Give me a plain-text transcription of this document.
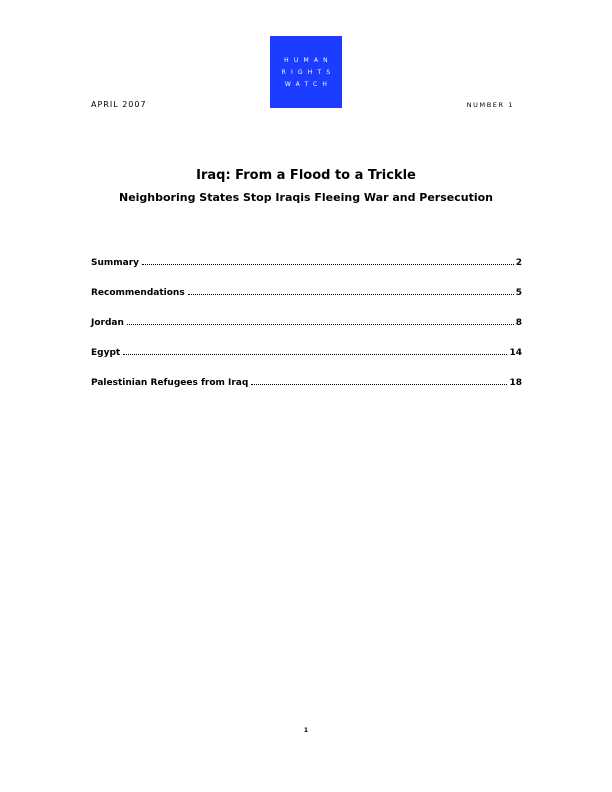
HUMAN
RIGHTS
WATCH
APRIL 2007	NUMBER 1
Iraq: From a Flood to a Trickle
Neighboring States Stop Iraqis Fleeing War and Persecution
Summary	2
Recommendations	5
Jordan	8
Egypt	14
Palestinian Refugees from Iraq	18
1
